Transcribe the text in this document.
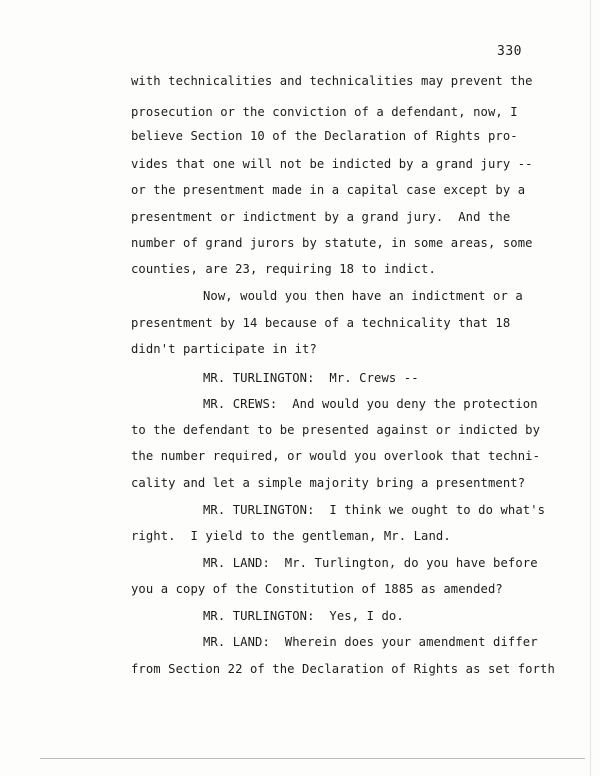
330
with technicalities and technicalities may prevent the
prosecution or the conviction of a defendant, now, I
believe Section 10 of the Declaration of Rights pro-
vides that one will not be indicted by a grand jury --
or the presentment made in a capital case except by a
presentment or indictment by a grand jury.  And the
number of grand jurors by statute, in some areas, some
counties, are 23, requiring 18 to indict.
Now, would you then have an indictment or a
presentment by 14 because of a technicality that 18
didn't participate in it?
MR. TURLINGTON:  Mr. Crews --
MR. CREWS:  And would you deny the protection
to the defendant to be presented against or indicted by
the number required, or would you overlook that techni-
cality and let a simple majority bring a presentment?
MR. TURLINGTON:  I think we ought to do what's
right.  I yield to the gentleman, Mr. Land.
MR. LAND:  Mr. Turlington, do you have before
you a copy of the Constitution of 1885 as amended?
MR. TURLINGTON:  Yes, I do.
MR. LAND:  Wherein does your amendment differ
from Section 22 of the Declaration of Rights as set forth
